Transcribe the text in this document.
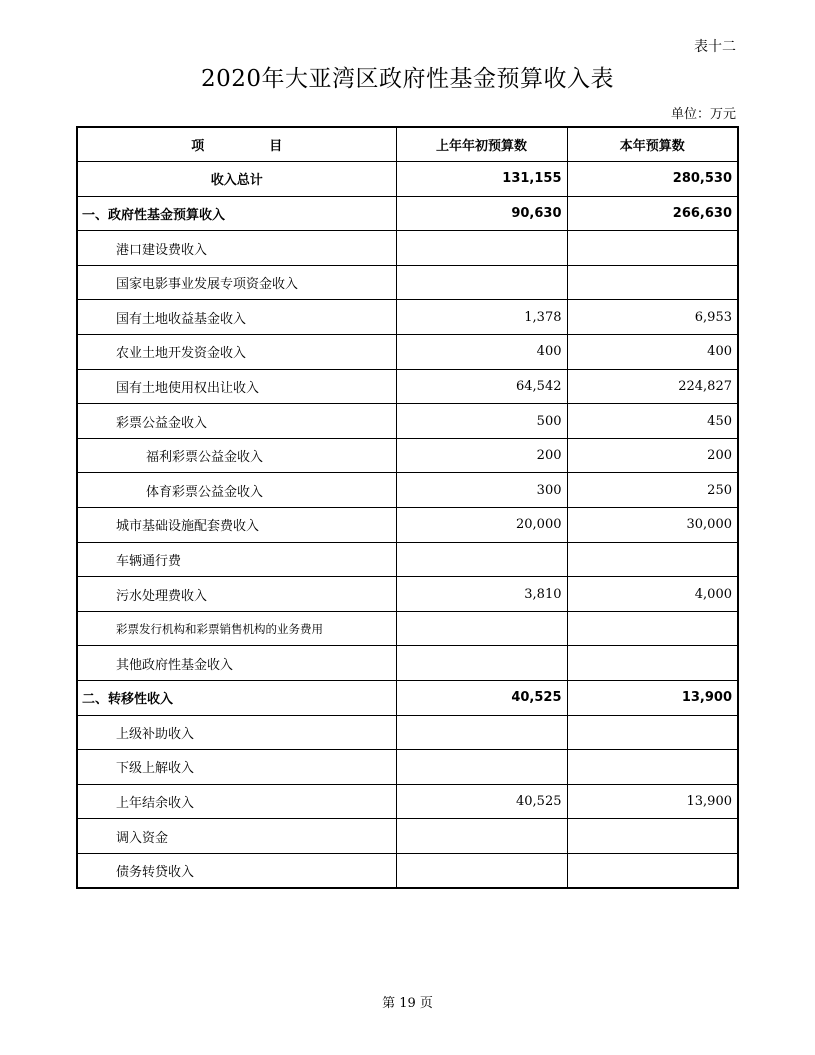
表十二
2020年大亚湾区政府性基金预算收入表
单位：万元
项　　　　　目	上年年初预算数	本年预算数
收入总计	131,155	280,530
一、政府性基金预算收入	90,630	266,630
港口建设费收入		
国家电影事业发展专项资金收入		
国有土地收益基金收入	1,378	6,953
农业土地开发资金收入	400	400
国有土地使用权出让收入	64,542	224,827
彩票公益金收入	500	450
福利彩票公益金收入	200	200
体育彩票公益金收入	300	250
城市基础设施配套费收入	20,000	30,000
车辆通行费		
污水处理费收入	3,810	4,000
彩票发行机构和彩票销售机构的业务费用		
其他政府性基金收入		
二、转移性收入	40,525	13,900
上级补助收入		
下级上解收入		
上年结余收入	40,525	13,900
调入资金		
债务转贷收入		
第 19 页
